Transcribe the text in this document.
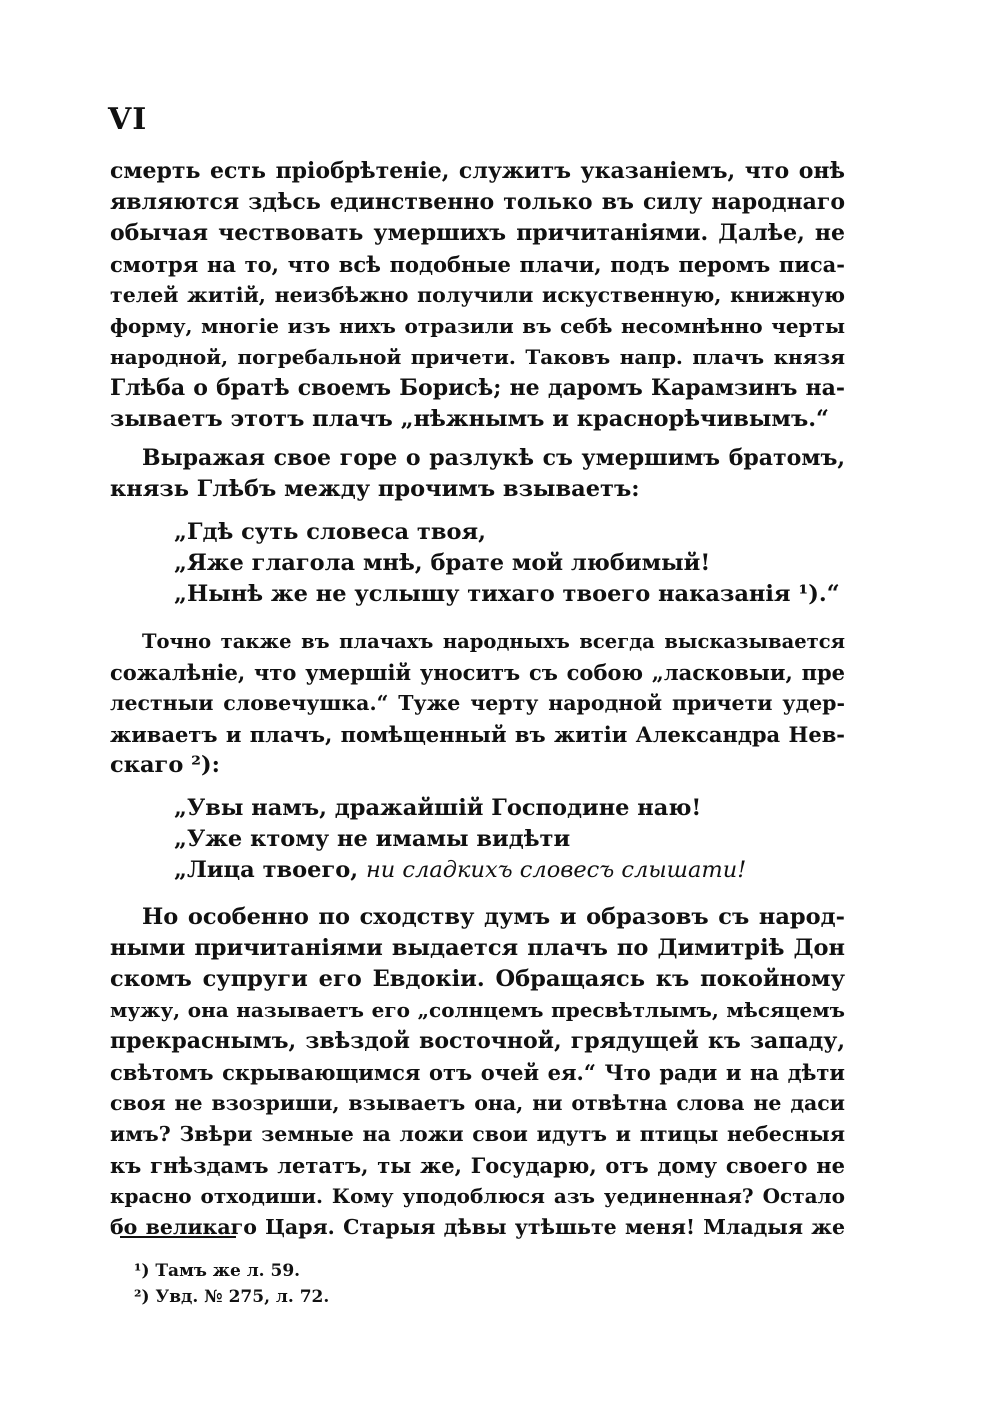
VI
смерть есть пріобрѣтеніе, служитъ указаніемъ, что онѣ
являются здѣсь единственно только въ силу народнаго
обычая чествовать умершихъ причитаніями. Далѣе, не
смотря на то, что всѣ подобные плачи, подъ перомъ писа-
телей житій, неизбѣжно получили искуственную, книжную
форму, многіе изъ нихъ отразили въ себѣ несомнѣнно черты
народной, погребальной причети. Таковъ напр. плачъ князя
Глѣба о братѣ своемъ Борисѣ; не даромъ Карамзинъ на-
зываетъ этотъ плачъ „нѣжнымъ и краснорѣчивымъ.“
Выражая свое горе о разлукѣ съ умершимъ братомъ,
князь Глѣбъ между прочимъ взываетъ:
„Гдѣ суть словеса твоя,
„Яже глагола мнѣ, брате мой любимый!
„Нынѣ же не услышу тихаго твоего наказанія ¹).“
Точно также въ плачахъ народныхъ всегда высказывается
сожалѣніе, что умершій уноситъ съ собою „ласковыи, пре
лестныи словечушка.“ Туже черту народной причети удер-
живаетъ и плачъ, помѣщенный въ житіи Александра Нев-
скаго ²):
„Увы намъ, дражайшій Господине наю!
„Уже ктому не имамы видѣти
„Лица твоего, ни сладкихъ словесъ слышати!
Но особенно по сходству думъ и образовъ съ народ-
ными причитаніями выдается плачъ по Димитріѣ Дон
скомъ супруги его Евдокіи. Обращаясь къ покойному
мужу, она называетъ его „солнцемъ пресвѣтлымъ, мѣсяцемъ
прекраснымъ, звѣздой восточной, грядущей къ западу,
свѣтомъ скрывающимся отъ очей ея.“ Что ради и на дѣти
своя не взозриши, взываетъ она, ни отвѣтна слова не даси
имъ? Звѣри земные на ложи свои идутъ и птицы небесныя
къ гнѣздамъ летатъ, ты же, Государю, отъ дому своего не
красно отходиши. Кому уподоблюся азъ уединенная? Остало
бо великаго Царя. Старыя дѣвы утѣшьте меня! Младыя же
¹) Тамъ же л. 59.
²) Увд. № 275, л. 72.
